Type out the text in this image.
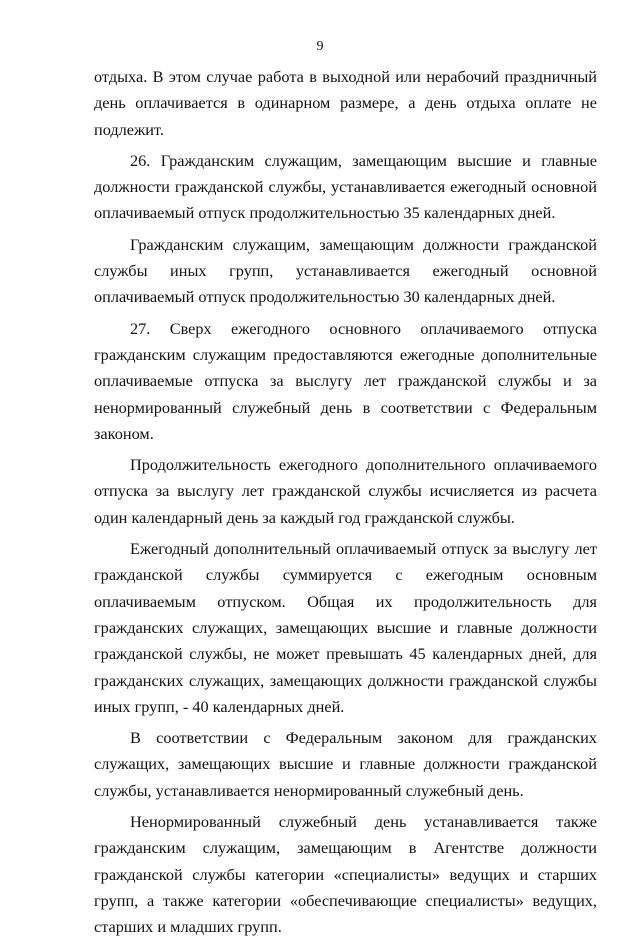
9

отдыха. В этом случае работа в выходной или нерабочий праздничный день оплачивается в одинарном размере, а день отдыха оплате не подлежит.

26. Гражданским служащим, замещающим высшие и главные должности гражданской службы, устанавливается ежегодный основной оплачиваемый отпуск продолжительностью 35 календарных дней.

Гражданским служащим, замещающим должности гражданской службы иных групп, устанавливается ежегодный основной оплачиваемый отпуск продолжительностью 30 календарных дней.

27. Сверх ежегодного основного оплачиваемого отпуска гражданским служащим предоставляются ежегодные дополнительные оплачиваемые отпуска за выслугу лет гражданской службы и за ненормированный служебный день в соответствии с Федеральным законом.

Продолжительность ежегодного дополнительного оплачиваемого отпуска за выслугу лет гражданской службы исчисляется из расчета один календарный день за каждый год гражданской службы.

Ежегодный дополнительный оплачиваемый отпуск за выслугу лет гражданской службы суммируется с ежегодным основным оплачиваемым отпуском. Общая их продолжительность для гражданских служащих, замещающих высшие и главные должности гражданской службы, не может превышать 45 календарных дней, для гражданских служащих, замещающих должности гражданской службы иных групп, - 40 календарных дней.

В соответствии с Федеральным законом для гражданских служащих, замещающих высшие и главные должности гражданской службы, устанавливается ненормированный служебный день.

Ненормированный служебный день устанавливается также гражданским служащим, замещающим в Агентстве должности гражданской службы категории «специалисты» ведущих и старших групп, а также категории «обеспечивающие специалисты» ведущих, старших и младших групп.
